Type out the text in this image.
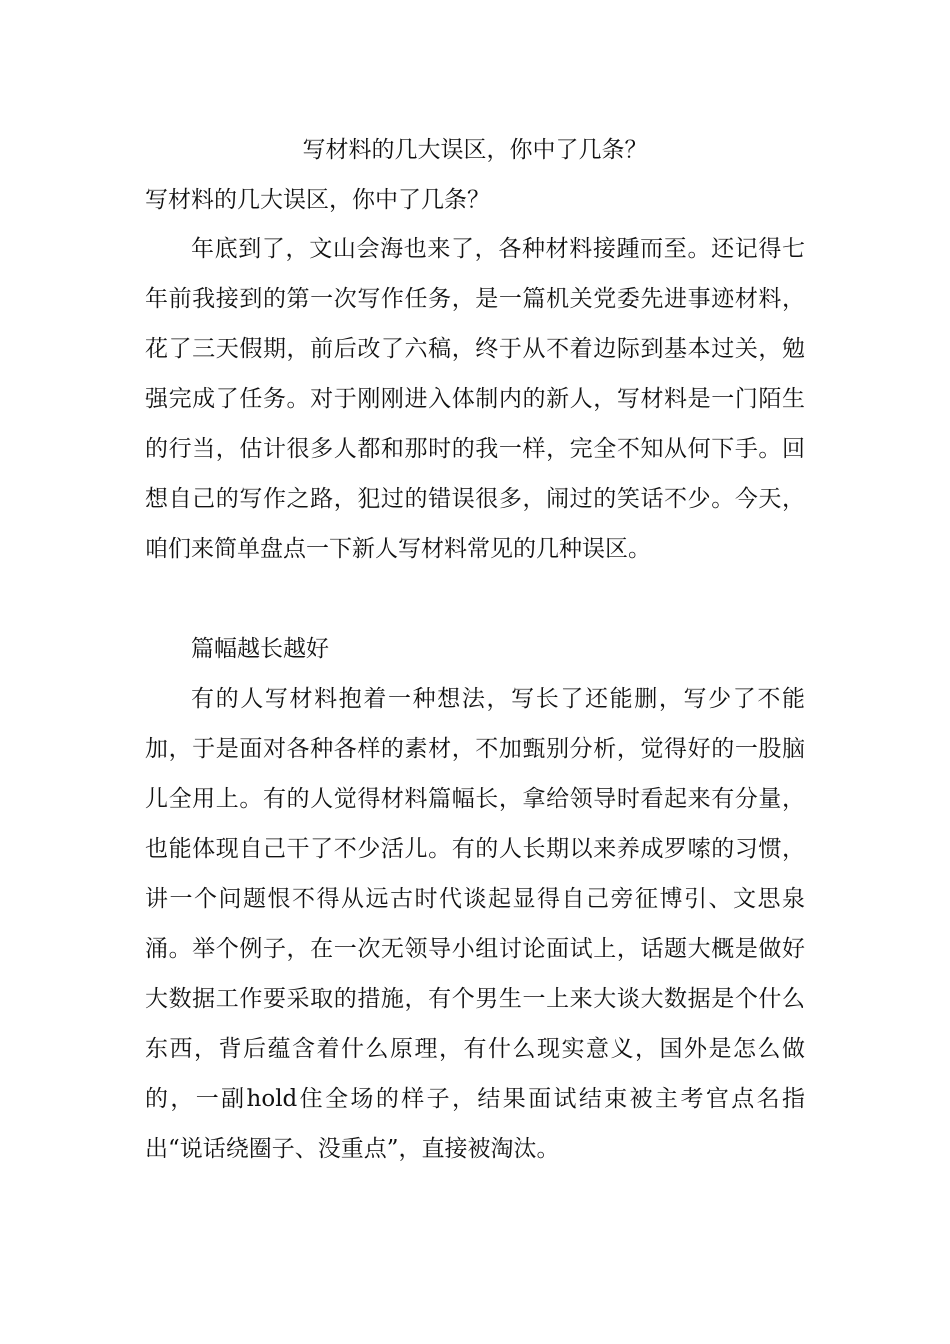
写材料的几大误区，你中了几条？

写材料的几大误区，你中了几条？

年底到了，文山会海也来了，各种材料接踵而至。还记得七年前我接到的第一次写作任务，是一篇机关党委先进事迹材料，花了三天假期，前后改了六稿，终于从不着边际到基本过关，勉强完成了任务。对于刚刚进入体制内的新人，写材料是一门陌生的行当，估计很多人都和那时的我一样，完全不知从何下手。回想自己的写作之路，犯过的错误很多，闹过的笑话不少。今天，咱们来简单盘点一下新人写材料常见的几种误区。

篇幅越长越好

有的人写材料抱着一种想法，写长了还能删，写少了不能加，于是面对各种各样的素材，不加甄别分析，觉得好的一股脑儿全用上。有的人觉得材料篇幅长，拿给领导时看起来有分量，也能体现自己干了不少活儿。有的人长期以来养成罗嗦的习惯，讲一个问题恨不得从远古时代谈起显得自己旁征博引、文思泉涌。举个例子，在一次无领导小组讨论面试上，话题大概是做好大数据工作要采取的措施，有个男生一上来大谈大数据是个什么东西，背后蕴含着什么原理，有什么现实意义，国外是怎么做的，一副hold住全场的样子，结果面试结束被主考官点名指出“说话绕圈子、没重点”，直接被淘汰。
